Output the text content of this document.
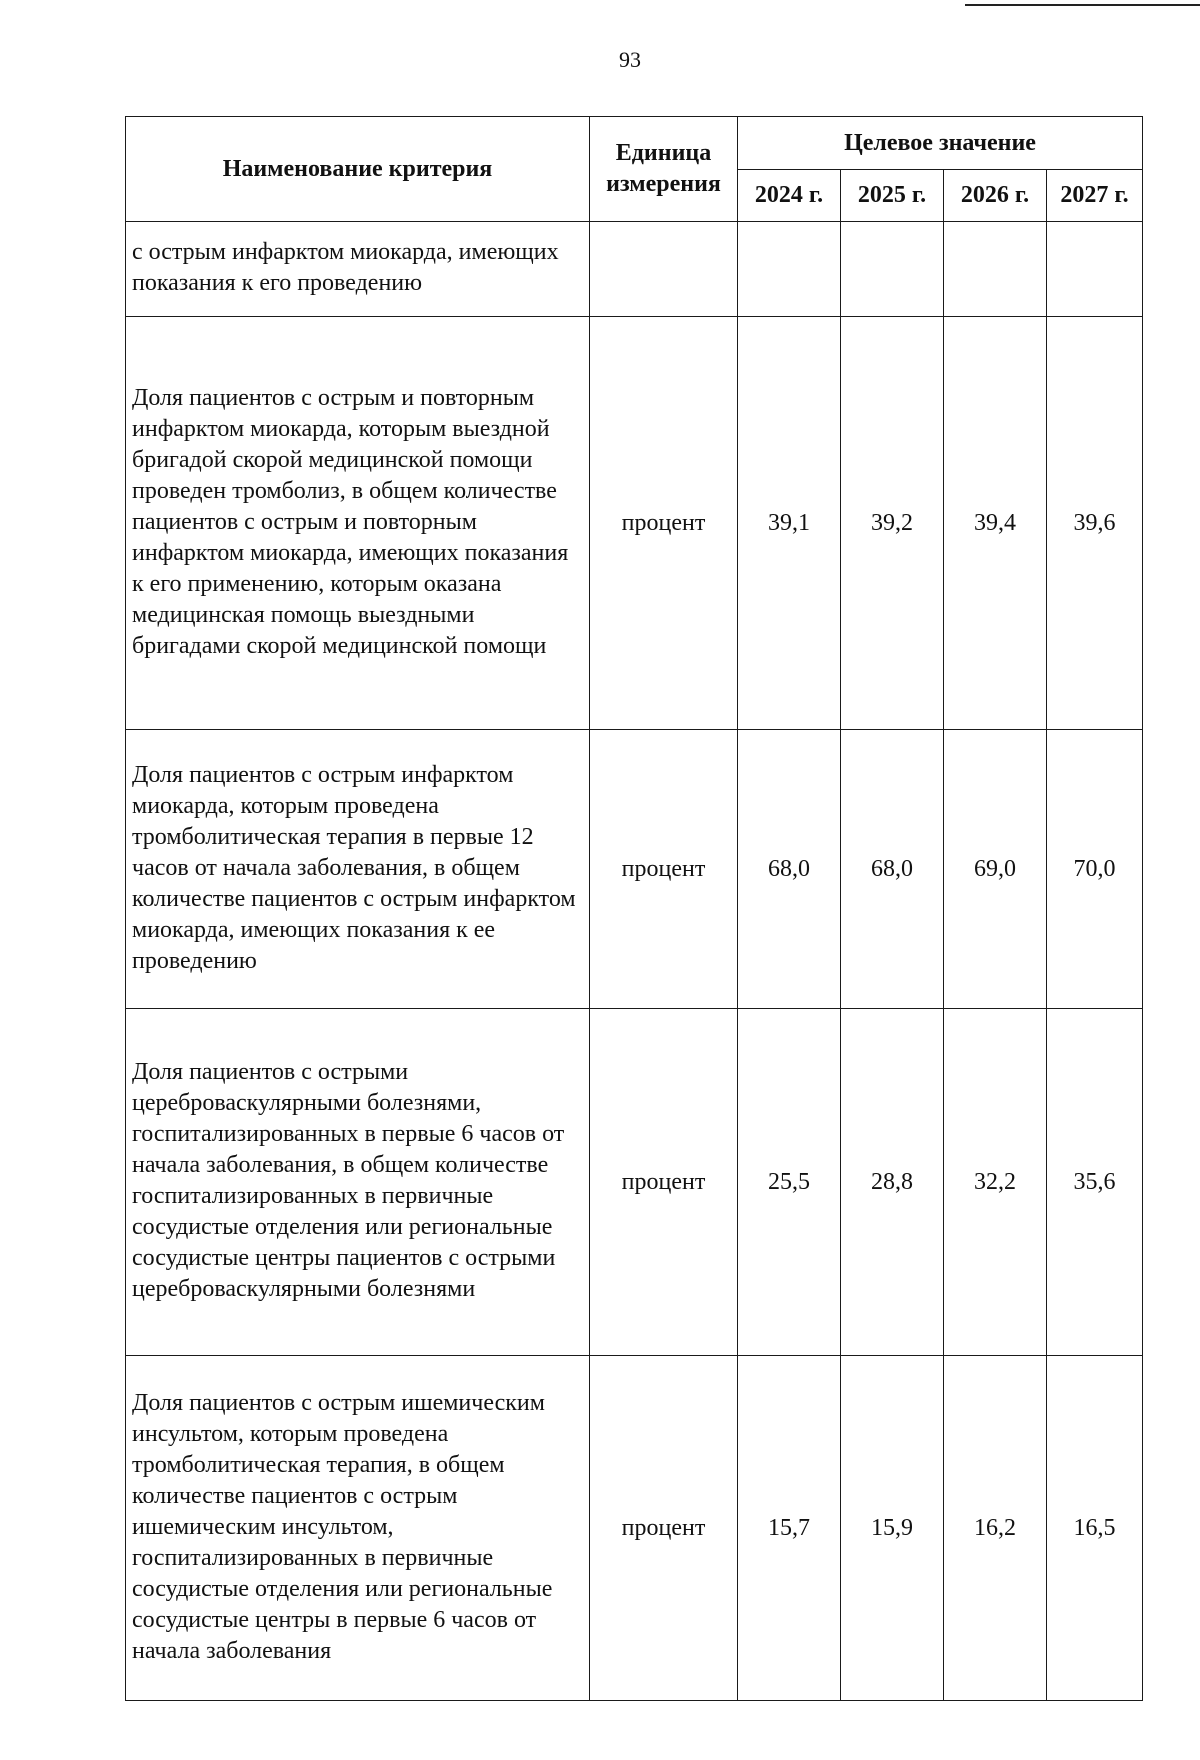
93
Наименование критерия	Единица измерения	Целевое значение			
		2024 г.	2025 г.	2026 г.	2027 г.
с острым инфарктом миокарда, имеющих показания к его проведению					
Доля пациентов с острым и повторным инфарктом миокарда, которым выездной бригадой скорой медицинской помощи проведен тромболиз, в общем количестве пациентов с острым и повторным инфарктом миокарда, имеющих показания к его применению, которым оказана медицинская помощь выездными бригадами скорой медицинской помощи	процент	39,1	39,2	39,4	39,6
Доля пациентов с острым инфарктом миокарда, которым проведена тромболитическая терапия в первые 12 часов от начала заболевания, в общем количестве пациентов с острым инфарктом миокарда, имеющих показания к ее проведению	процент	68,0	68,0	69,0	70,0
Доля пациентов с острыми цереброваскулярными болезнями, госпитализированных в первые 6 часов от начала заболевания, в общем количестве госпитализированных в первичные сосудистые отделения или региональные сосудистые центры пациентов с острыми цереброваскулярными болезнями	процент	25,5	28,8	32,2	35,6
Доля пациентов с острым ишемическим инсультом, которым проведена тромболитическая терапия, в общем количестве пациентов с острым ишемическим инсультом, госпитализированных в первичные сосудистые отделения или региональные сосудистые центры в первые 6 часов от начала заболевания	процент	15,7	15,9	16,2	16,5
